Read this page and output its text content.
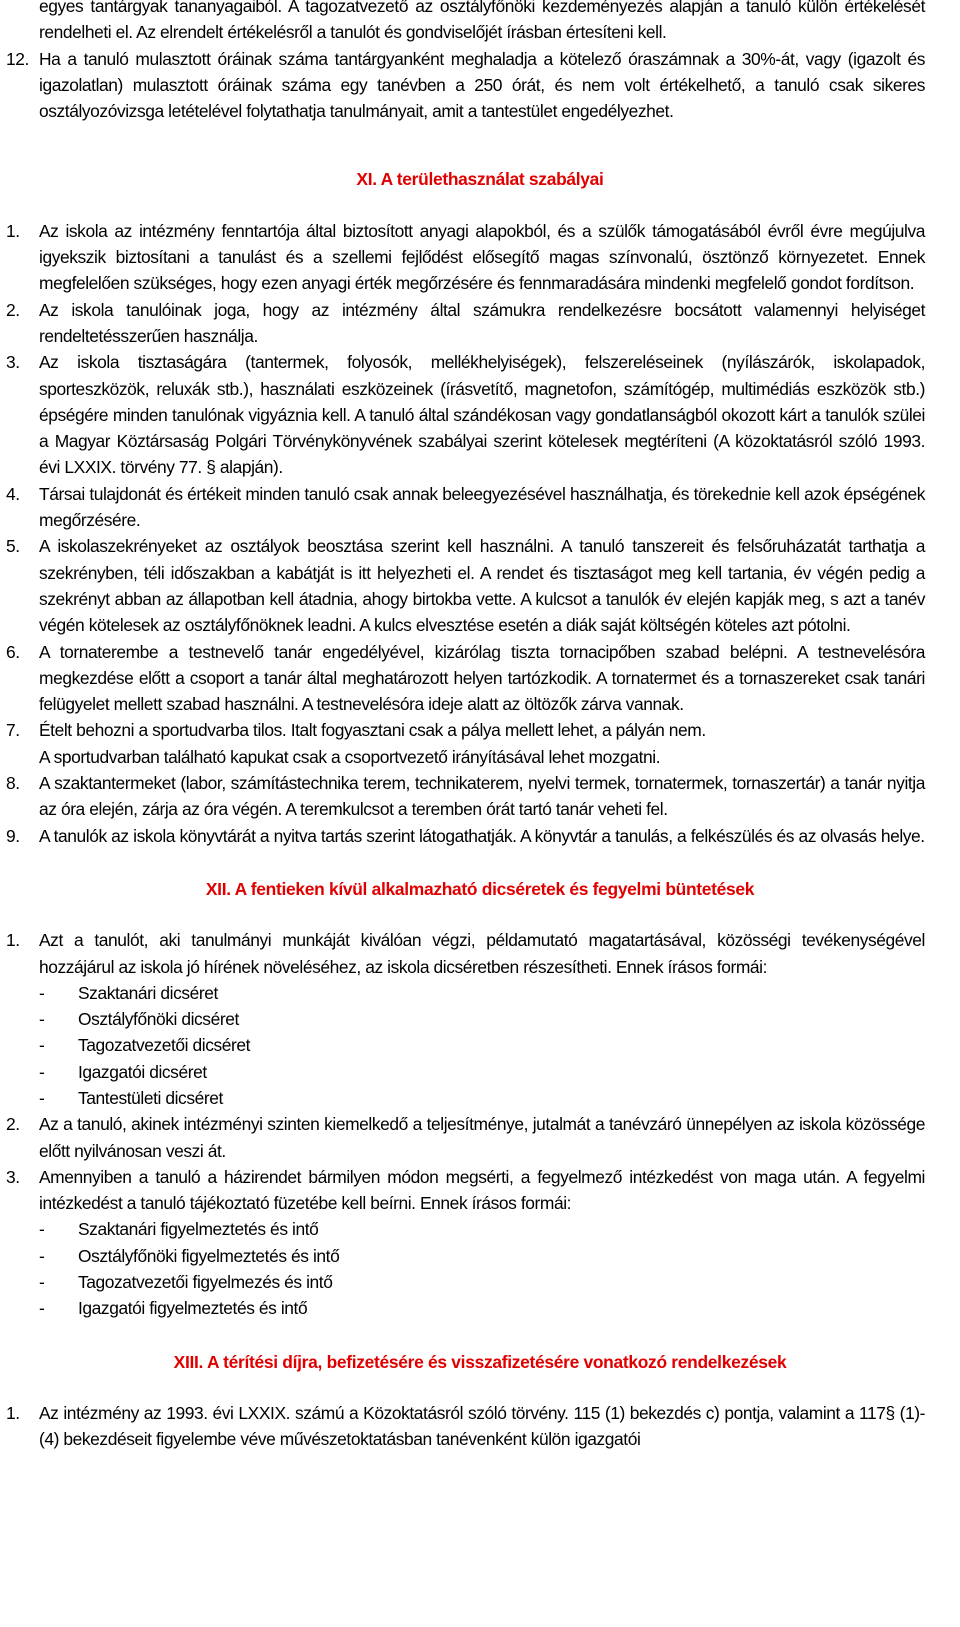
egyes tantárgyak tananyagaiból. A tagozatvezető az osztályfőnöki kezdeményezés alapján a tanuló külön értékelését rendelheti el. Az elrendelt értékelésről a tanulót és gondviselőjét írásban értesíteni kell.
12. Ha a tanuló mulasztott óráinak száma tantárgyanként meghaladja a kötelező óraszámnak a 30%-át, vagy (igazolt és igazolatlan) mulasztott óráinak száma egy tanévben a 250 órát, és nem volt értékelhető, a tanuló csak sikeres osztályozóvizsga letételével folytathatja tanulmányait, amit a tantestület engedélyezhet.
XI. A területhasználat szabályai
1. Az iskola az intézmény fenntartója által biztosított anyagi alapokból, és a szülők támogatásából évről évre megújulva igyekszik biztosítani a tanulást és a szellemi fejlődést elősegítő magas színvonalú, ösztönző környezetet. Ennek megfelelően szükséges, hogy ezen anyagi érték megőrzésére és fennmaradására mindenki megfelelő gondot fordítson.
2. Az iskola tanulóinak joga, hogy az intézmény által számukra rendelkezésre bocsátott valamennyi helyiséget rendeltetésszerűen használja.
3. Az iskola tisztaságára (tantermek, folyosók, mellékhelyiségek), felszereléseinek (nyílászárók, iskolapadok, sporteszközök, reluxák stb.), használati eszközeinek (írásvetítő, magnetofon, számítógép, multimédiás eszközök stb.) épségére minden tanulónak vigyáznia kell. A tanuló által szándékosan vagy gondatlanságból okozott kárt a tanulók szülei a Magyar Köztársaság Polgári Törvénykönyvének szabályai szerint kötelesek megtéríteni (A közoktatásról szóló 1993. évi LXXIX. törvény 77. § alapján).
4. Társai tulajdonát és értékeit minden tanuló csak annak beleegyezésével használhatja, és törekednie kell azok épségének megőrzésére.
5. A iskolaszekrényeket az osztályok beosztása szerint kell használni. A tanuló tanszereit és felsőruházatát tarthatja a szekrényben, téli időszakban a kabátját is itt helyezheti el. A rendet és tisztaságot meg kell tartania, év végén pedig a szekrényt abban az állapotban kell átadnia, ahogy birtokba vette. A kulcsot a tanulók év elején kapják meg, s azt a tanév végén kötelesek az osztályfőnöknek leadni. A kulcs elvesztése esetén a diák saját költségén köteles azt pótolni.
6. A tornaterembe a testnevelő tanár engedélyével, kizárólag tiszta tornacipőben szabad belépni. A testnevelésóra megkezdése előtt a csoport a tanár által meghatározott helyen tartózkodik. A tornatermet és a tornaszereket csak tanári felügyelet mellett szabad használni. A testnevelésóra ideje alatt az öltözők zárva vannak.
7. Ételt behozni a sportudvarba tilos. Italt fogyasztani csak a pálya mellett lehet, a pályán nem.
A sportudvarban található kapukat csak a csoportvezető irányításával lehet mozgatni.
8. A szaktantermeket (labor, számítástechnika terem, technikaterem, nyelvi termek, tornatermek, tornaszertár) a tanár nyitja az óra elején, zárja az óra végén. A teremkulcsot a teremben órát tartó tanár veheti fel.
9. A tanulók az iskola könyvtárát a nyitva tartás szerint látogathatják. A könyvtár a tanulás, a felkészülés és az olvasás helye.
XII. A fentieken kívül alkalmazható dicséretek és fegyelmi büntetések
1. Azt a tanulót, aki tanulmányi munkáját kiválóan végzi, példamutató magatartásával, közösségi tevékenységével hozzájárul az iskola jó hírének növeléséhez, az iskola dicséretben részesítheti. Ennek írásos formái:
- Szaktanári dicséret
- Osztályfőnöki dicséret
- Tagozatvezetői dicséret
- Igazgatói dicséret
- Tantestületi dicséret
2. Az a tanuló, akinek intézményi szinten kiemelkedő a teljesítménye, jutalmát a tanévzáró ünnepélyen az iskola közössége előtt nyilvánosan veszi át.
3. Amennyiben a tanuló a házirendet bármilyen módon megsérti, a fegyelmező intézkedést von maga után. A fegyelmi intézkedést a tanuló tájékoztató füzetébe kell beírni. Ennek írásos formái:
- Szaktanári figyelmeztetés és intő
- Osztályfőnöki figyelmeztetés és intő
- Tagozatvezetői figyelmezés és intő
- Igazgatói figyelmeztetés és intő
XIII. A térítési díjra, befizetésére és visszafizetésére vonatkozó rendelkezések
1. Az intézmény az 1993. évi LXXIX. számú a Közoktatásról szóló törvény. 115 (1) bekezdés c) pontja, valamint a 117§ (1)-(4) bekezdéseit figyelembe véve művészetoktatásban tanévenként külön igazgatói
